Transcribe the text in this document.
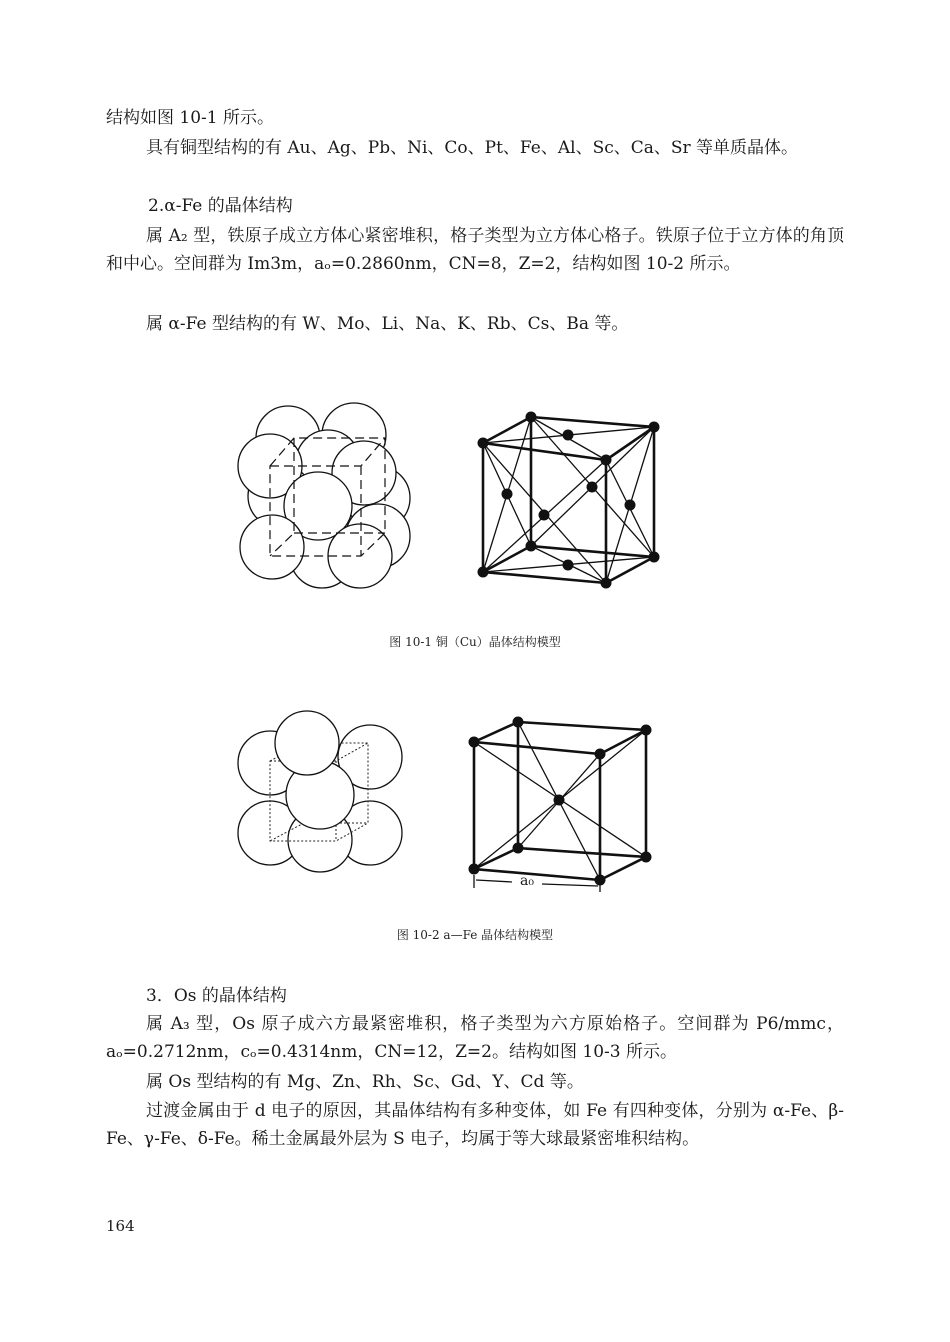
结构如图 10-1 所示。

具有铜型结构的有 Au、Ag、Pb、Ni、Co、Pt、Fe、Al、Sc、Ca、Sr 等单质晶体。

2.α-Fe 的晶体结构

属 A₂ 型，铁原子成立方体心紧密堆积，格子类型为立方体心格子。铁原子位于立方体的角顶和中心。空间群为 Im3m，aₒ=0.2860nm，CN=8，Z=2，结构如图 10-2 所示。

属 α-Fe 型结构的有 W、Mo、Li、Na、K、Rb、Cs、Ba 等。

图 10-1 铜（Cu）晶体结构模型
a₀
图 10-2 a—Fe 晶体结构模型

3．Os 的晶体结构

属 A₃ 型，Os 原子成六方最紧密堆积，格子类型为六方原始格子。空间群为 P6/mmc，aₒ=0.2712nm，cₒ=0.4314nm，CN=12，Z=2。结构如图 10-3 所示。

属 Os 型结构的有 Mg、Zn、Rh、Sc、Gd、Y、Cd 等。

过渡金属由于 d 电子的原因，其晶体结构有多种变体，如 Fe 有四种变体，分别为 α-Fe、β-Fe、γ-Fe、δ-Fe。稀土金属最外层为 S 电子，均属于等大球最紧密堆积结构。

164
